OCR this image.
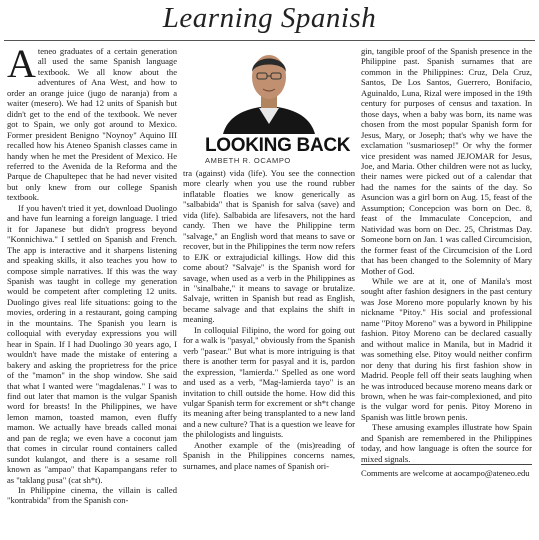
Learning Spanish

Ateneo graduates of a certain generation all used the same Spanish language textbook. We all know about the adventures of Ana West, and how to order an orange juice (jugo de naranja) from a waiter (mesero). We had 12 units of Spanish but didn't get to the end of the textbook. We never got to Spain, we only got around to Mexico. Former president Benigno "Noynoy" Aquino III recalled how his Ateneo Spanish classes came in handy when he met the President of Mexico. He referred to the Avenida de la Reforma and the Parque de Chapultepec that he had never visited but only knew from our college Spanish textbook.

If you haven't tried it yet, download Duolingo and have fun learning a foreign language. I tried it for Japanese but didn't progress beyond "Konnichiwa." I settled on Spanish and French. The app is interactive and it sharpens listening and speaking skills, it also teaches you how to compose simple narratives. If this was the way Spanish was taught in college my generation would be competent after completing 12 units. Duolingo gives real life situations: going to the movies, ordering in a restaurant, going camping in the mountains. The Spanish you learn is colloquial with everyday expressions you will hear in Spain. If I had Duolingo 30 years ago, I wouldn't have made the mistake of entering a bakery and asking the proprietress for the price of the "mamon" in the shop window. She said that what I wanted were "magdalenas." I was to find out later that mamon is the vulgar Spanish word for breasts! In the Philippines, we have lemon mamon, toasted mamon, even fluffy mamon. We actually have breads called monai and pan de regla; we even have a coconut jam that comes in circular round containers called sundot kulangot, and there is a sesame roll known as "ampao" that Kapampangans refer to as "taklang pusa" (cat sh*t).

In Philippine cinema, the villain is called "kontrabida" from the Spanish con-

LOOKING BACK
AMBETH R. OCAMPO

tra (against) vida (life). You see the connection more clearly when you use the round rubber inflatable floaties we know generically as "salbabida" that is Spanish for salva (save) and vida (life). Salbabida are lifesavers, not the hard candy. Then we have the Philippine term "salvage," an English word that means to save or recover, but in the Philippines the term now refers to EJK or extrajudicial killings. How did this come about? "Salvaje" is the Spanish word for savage, when used as a verb in the Philippines as in "sinalbahe," it means to savage or brutalize. Salvaje, written in Spanish but read as English, became salvage and that explains the shift in meaning.

In colloquial Filipino, the word for going out for a walk is "pasyal," obviously from the Spanish verb "pasear." But what is more intriguing is that there is another term for pasyal and it is, pardon the expression, "lamierda." Spelled as one word and used as a verb, "Mag-lamierda tayo" is an invitation to chill outside the home. How did this vulgar Spanish term for excrement or sh*t change its meaning after being transplanted to a new land and a new culture? That is a question we leave for the philologists and linguists.

Another example of the (mis)reading of Spanish in the Philippines concerns names, surnames, and place names of Spanish ori-

gin, tangible proof of the Spanish presence in the Philippine past. Spanish surnames that are common in the Philippines: Cruz, Dela Cruz, Santos, De Los Santos, Guerrero, Bonifacio, Aguinaldo, Luna, Rizal were imposed in the 19th century for purposes of census and taxation. In those days, when a baby was born, its name was chosen from the most popular Spanish form for Jesus, Mary, or Joseph; that's why we have the exclamation "susmariosep!" Or why the former vice president was named JEJOMAR for Jesus, Joe, and Maria. Other children were not as lucky, their names were picked out of a calendar that had the names for the saints of the day. So Asuncion was a girl born on Aug. 15, feast of the Assumption; Concepcion was born on Dec. 8, feast of the Immaculate Concepcion, and Natividad was born on Dec. 25, Christmas Day. Someone born on Jan. 1 was called Circumcision, the former feast of the Circumcision of the Lord that has been changed to the Solemnity of Mary Mother of God.

While we are at it, one of Manila's most sought after fashion designers in the past century was Jose Moreno more popularly known by his nickname "Pitoy." His social and professional name "Pitoy Moreno" was a byword in Philippine fashion. Pitoy Moreno can be declared casually and without malice in Manila, but in Madrid it was something else. Pitoy would neither confirm nor deny that during his first fashion show in Madrid. People fell off their seats laughing when he was introduced because moreno means dark or brown, when he was fair-complexioned, and pito is the vulgar word for penis. Pitoy Moreno in Spanish was little brown penis.

These amusing examples illustrate how Spain and Spanish are remembered in the Philippines today, and how language is often the source for mixed signals.

Comments are welcome at aocampo@ateneo.edu
